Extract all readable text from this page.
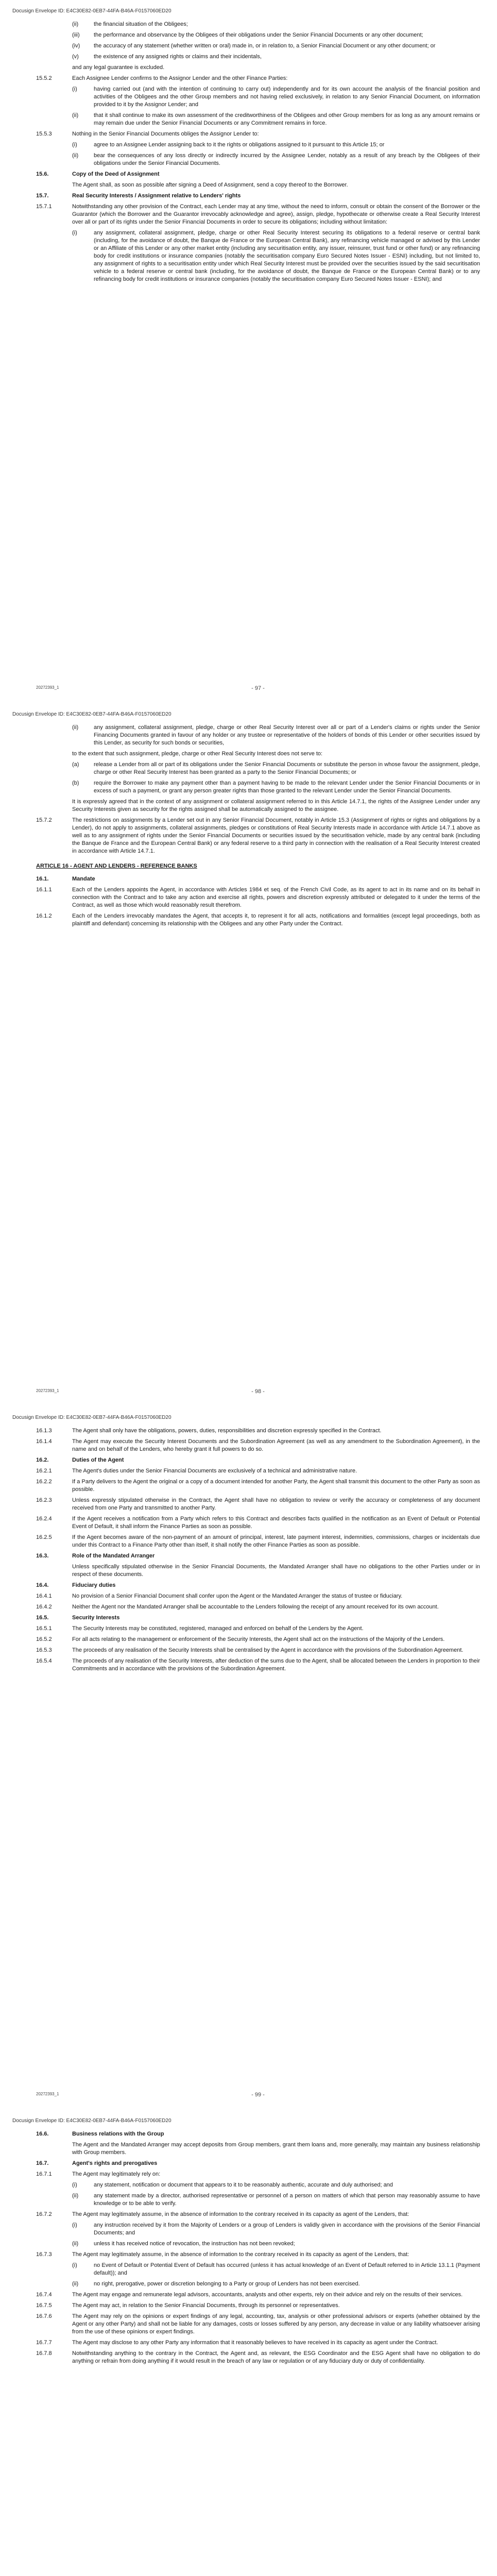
Docusign Envelope ID: E4C30E82-0EB7-44FA-B46A-F0157060ED20
(ii)	the financial situation of the Obligees;
(iii)	the performance and observance by the Obligees of their obligations under the Senior Financial Documents or any other document;
(iv)	the accuracy of any statement (whether written or oral) made in, or in relation to, a Senior Financial Document or any other document; or
(v)	the existence of any assigned rights or claims and their incidentals,
and any legal guarantee is excluded.
15.5.2	Each Assignee Lender confirms to the Assignor Lender and the other Finance Parties:
(i)	having carried out (and with the intention of continuing to carry out) independently and for its own account the analysis of the financial position and activities of the Obligees and the other Group members and not having relied exclusively, in relation to any Senior Financial Document, on information provided to it by the Assignor Lender; and
(ii)	that it shall continue to make its own assessment of the creditworthiness of the Obligees and other Group members for as long as any amount remains or may remain due under the Senior Financial Documents or any Commitment remains in force.
15.5.3	Nothing in the Senior Financial Documents obliges the Assignor Lender to:
(i)	agree to an Assignee Lender assigning back to it the rights or obligations assigned to it pursuant to this Article 15; or
(ii)	bear the consequences of any loss directly or indirectly incurred by the Assignee Lender, notably as a result of any breach by the Obligees of their obligations under the Senior Financial Documents.
15.6.	Copy of the Deed of Assignment
The Agent shall, as soon as possible after signing a Deed of Assignment, send a copy thereof to the Borrower.
15.7.	Real Security Interests / Assignment relative to Lenders' rights
15.7.1	Notwithstanding any other provision of the Contract, each Lender may at any time, without the need to inform, consult or obtain the consent of the Borrower or the Guarantor (which the Borrower and the Guarantor irrevocably acknowledge and agree), assign, pledge, hypothecate or otherwise create a Real Security Interest over all or part of its rights under the Senior Financial Documents in order to secure its obligations; including without limitation:
(i)	any assignment, collateral assignment, pledge, charge or other Real Security Interest securing its obligations to a federal reserve or central bank (including, for the avoidance of doubt, the Banque de France or the European Central Bank), any refinancing vehicle managed or advised by this Lender or an Affiliate of this Lender or any other market entity (including any securitisation entity, any issuer, reinsurer, trust fund or other fund) or any refinancing body for credit institutions or insurance companies (notably the securitisation company Euro Secured Notes Issuer - ESNI) including, but not limited to, any assignment of rights to a securitisation entity under which Real Security Interest must be provided over the securities issued by the said securitisation vehicle to a federal reserve or central bank (including, for the avoidance of doubt, the Banque de France or the European Central Bank) or to any refinancing body for credit institutions or insurance companies (notably the securitisation company Euro Secured Notes Issuer - ESNI); and
20272393_1	- 97 -
Docusign Envelope ID: E4C30E82-0EB7-44FA-B46A-F0157060ED20
(ii)	any assignment, collateral assignment, pledge, charge or other Real Security Interest over all or part of a Lender's claims or rights under the Senior Financing Documents granted in favour of any holder or any trustee or representative of the holders of bonds of this Lender or other securities issued by this Lender, as security for such bonds or securities,
to the extent that such assignment, pledge, charge or other Real Security Interest does not serve to:
(a)	release a Lender from all or part of its obligations under the Senior Financial Documents or substitute the person in whose favour the assignment, pledge, charge or other Real Security Interest has been granted as a party to the Senior Financial Documents; or
(b)	require the Borrower to make any payment other than a payment having to be made to the relevant Lender under the Senior Financial Documents or in excess of such a payment, or grant any person greater rights than those granted to the relevant Lender under the Senior Financial Documents.
It is expressly agreed that in the context of any assignment or collateral assignment referred to in this Article 14.7.1, the rights of the Assignee Lender under any Security Interests given as security for the rights assigned shall be automatically assigned to the assignee.
15.7.2	The restrictions on assignments by a Lender set out in any Senior Financial Document, notably in Article 15.3 (Assignment of rights or rights and obligations by a Lender), do not apply to assignments, collateral assignments, pledges or constitutions of Real Security Interests made in accordance with Article 14.7.1 above as well as to any assignment of rights under the Senior Financial Documents or securities issued by the securitisation vehicle, made by any central bank (including the Banque de France and the European Central Bank) or any federal reserve to a third party in connection with the realisation of a Real Security Interest created in accordance with Article 14.7.1.
ARTICLE 16 - AGENT AND LENDERS - REFERENCE BANKS
16.1.	Mandate
16.1.1	Each of the Lenders appoints the Agent, in accordance with Articles 1984 et seq. of the French Civil Code, as its agent to act in its name and on its behalf in connection with the Contract and to take any action and exercise all rights, powers and discretion expressly attributed or delegated to it under the terms of the Contract, as well as those which would reasonably result therefrom.
16.1.2	Each of the Lenders irrevocably mandates the Agent, that accepts it, to represent it for all acts, notifications and formalities (except legal proceedings, both as plaintiff and defendant) concerning its relationship with the Obligees and any other Party under the Contract.
20272393_1	- 98 -
Docusign Envelope ID: E4C30E82-0EB7-44FA-B46A-F0157060ED20
16.1.3	The Agent shall only have the obligations, powers, duties, responsibilities and discretion expressly specified in the Contract.
16.1.4	The Agent may execute the Security Interest Documents and the Subordination Agreement (as well as any amendment to the Subordination Agreement), in the name and on behalf of the Lenders, who hereby grant it full powers to do so.
16.2.	Duties of the Agent
16.2.1	The Agent's duties under the Senior Financial Documents are exclusively of a technical and administrative nature.
16.2.2	If a Party delivers to the Agent the original or a copy of a document intended for another Party, the Agent shall transmit this document to the other Party as soon as possible.
16.2.3	Unless expressly stipulated otherwise in the Contract, the Agent shall have no obligation to review or verify the accuracy or completeness of any document received from one Party and transmitted to another Party.
16.2.4	If the Agent receives a notification from a Party which refers to this Contract and describes facts qualified in the notification as an Event of Default or Potential Event of Default, it shall inform the Finance Parties as soon as possible.
16.2.5	If the Agent becomes aware of the non-payment of an amount of principal, interest, late payment interest, indemnities, commissions, charges or incidentals due under this Contract to a Finance Party other than itself, it shall notify the other Finance Parties as soon as possible.
16.3.	Role of the Mandated Arranger
Unless specifically stipulated otherwise in the Senior Financial Documents, the Mandated Arranger shall have no obligations to the other Parties under or in respect of these documents.
16.4.	Fiduciary duties
16.4.1	No provision of a Senior Financial Document shall confer upon the Agent or the Mandated Arranger the status of trustee or fiduciary.
16.4.2	Neither the Agent nor the Mandated Arranger shall be accountable to the Lenders following the receipt of any amount received for its own account.
16.5.	Security Interests
16.5.1	The Security Interests may be constituted, registered, managed and enforced on behalf of the Lenders by the Agent.
16.5.2	For all acts relating to the management or enforcement of the Security Interests, the Agent shall act on the instructions of the Majority of the Lenders.
16.5.3	The proceeds of any realisation of the Security Interests shall be centralised by the Agent in accordance with the provisions of the Subordination Agreement.
16.5.4	The proceeds of any realisation of the Security Interests, after deduction of the sums due to the Agent, shall be allocated between the Lenders in proportion to their Commitments and in accordance with the provisions of the Subordination Agreement.
20272393_1	- 99 -
Docusign Envelope ID: E4C30E82-0EB7-44FA-B46A-F0157060ED20
16.6.	Business relations with the Group
The Agent and the Mandated Arranger may accept deposits from Group members, grant them loans and, more generally, may maintain any business relationship with Group members.
16.7.	Agent's rights and prerogatives
16.7.1	The Agent may legitimately rely on:
(i)	any statement, notification or document that appears to it to be reasonably authentic, accurate and duly authorised; and
(ii)	any statement made by a director, authorised representative or personnel of a person on matters of which that person may reasonably assume to have knowledge or to be able to verify.
16.7.2	The Agent may legitimately assume, in the absence of information to the contrary received in its capacity as agent of the Lenders, that:
(i)	any instruction received by it from the Majority of Lenders or a group of Lenders is validly given in accordance with the provisions of the Senior Financial Documents; and
(ii)	unless it has received notice of revocation, the instruction has not been revoked;
16.7.3	The Agent may legitimately assume, in the absence of information to the contrary received in its capacity as agent of the Lenders, that:
(i)	no Event of Default or Potential Event of Default has occurred (unless it has actual knowledge of an Event of Default referred to in Article 13.1.1 (Payment default)); and
(ii)	no right, prerogative, power or discretion belonging to a Party or group of Lenders has not been exercised.
16.7.4	The Agent may engage and remunerate legal advisors, accountants, analysts and other experts, rely on their advice and rely on the results of their services.
16.7.5	The Agent may act, in relation to the Senior Financial Documents, through its personnel or representatives.
16.7.6	The Agent may rely on the opinions or expert findings of any legal, accounting, tax, analysis or other professional advisors or experts (whether obtained by the Agent or any other Party) and shall not be liable for any damages, costs or losses suffered by any person, any decrease in value or any liability whatsoever arising from the use of these opinions or expert findings.
16.7.7	The Agent may disclose to any other Party any information that it reasonably believes to have received in its capacity as agent under the Contract.
16.7.8	Notwithstanding anything to the contrary in the Contract, the Agent and, as relevant, the ESG Coordinator and the ESG Agent shall have no obligation to do anything or refrain from doing anything if it would result in the breach of any law or regulation or of any fiduciary duty or duty of confidentiality.
